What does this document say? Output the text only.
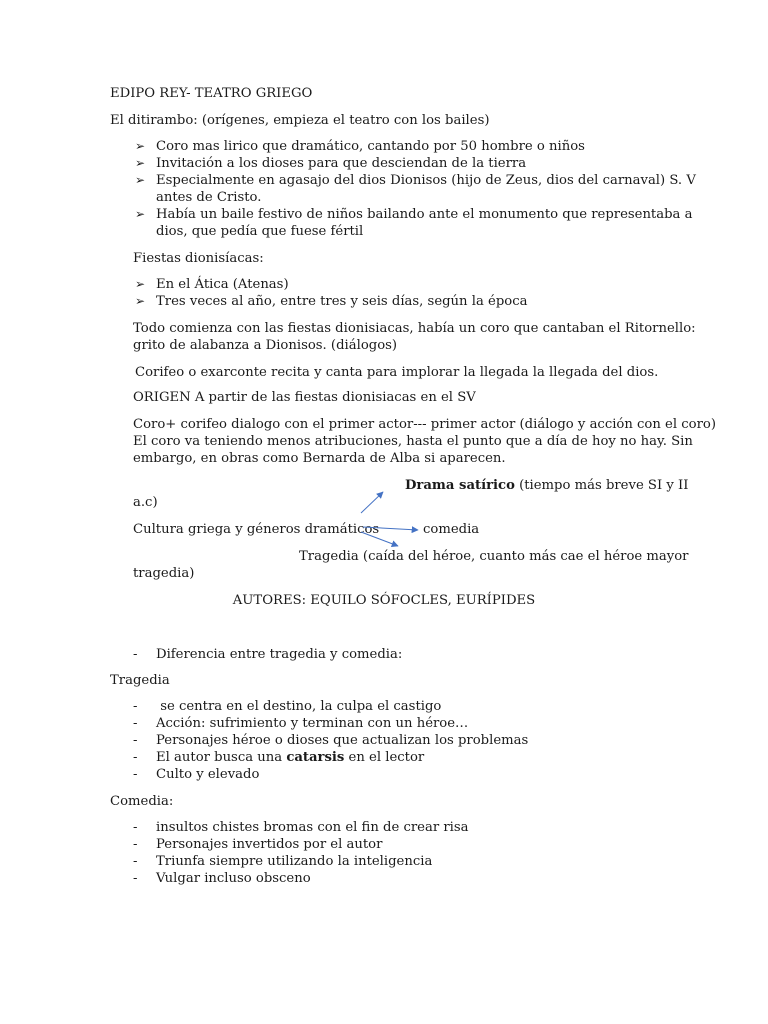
EDIPO REY- TEATRO GRIEGO
El ditirambo: (orígenes, empieza el teatro con los bailes)
➢ Coro mas lirico que dramático, cantando por 50 hombre o niños
➢ Invitación a los dioses para que desciendan de la tierra
➢ Especialmente en agasajo del dios Dionisos (hijo de Zeus, dios del carnaval) S. V
antes de Cristo.
➢ Había un baile festivo de niños bailando ante el monumento que representaba a
dios, que pedía que fuese fértil
Fiestas dionisíacas:
➢ En el Ática (Atenas)
➢ Tres veces al año, entre tres y seis días, según la época
Todo comienza con las fiestas dionisiacas, había un coro que cantaban el Ritornello:
grito de alabanza a Dionisos. (diálogos)
Corifeo o exarconte recita y canta para implorar la llegada la llegada del dios.
ORIGEN A partir de las fiestas dionisiacas en el SV
Coro+ corifeo dialogo con el primer actor--- primer actor (diálogo y acción con el coro)
El coro va teniendo menos atribuciones, hasta el punto que a día de hoy no hay. Sin
embargo, en obras como Bernarda de Alba si aparecen.
Drama satírico (tiempo más breve SI y II
a.c)
Cultura griega y géneros dramáticos	comedia
Tragedia (caída del héroe, cuanto más cae el héroe mayor
tragedia)
AUTORES: EQUILO SÓFOCLES, EURÍPIDES
- Diferencia entre tragedia y comedia:
Tragedia
- se centra en el destino, la culpa el castigo
- Acción: sufrimiento y terminan con un héroe…
- Personajes héroe o dioses que actualizan los problemas
- El autor busca una catarsis en el lector
- Culto y elevado
Comedia:
- insultos chistes bromas con el fin de crear risa
- Personajes invertidos por el autor
- Triunfa siempre utilizando la inteligencia
- Vulgar incluso obsceno
